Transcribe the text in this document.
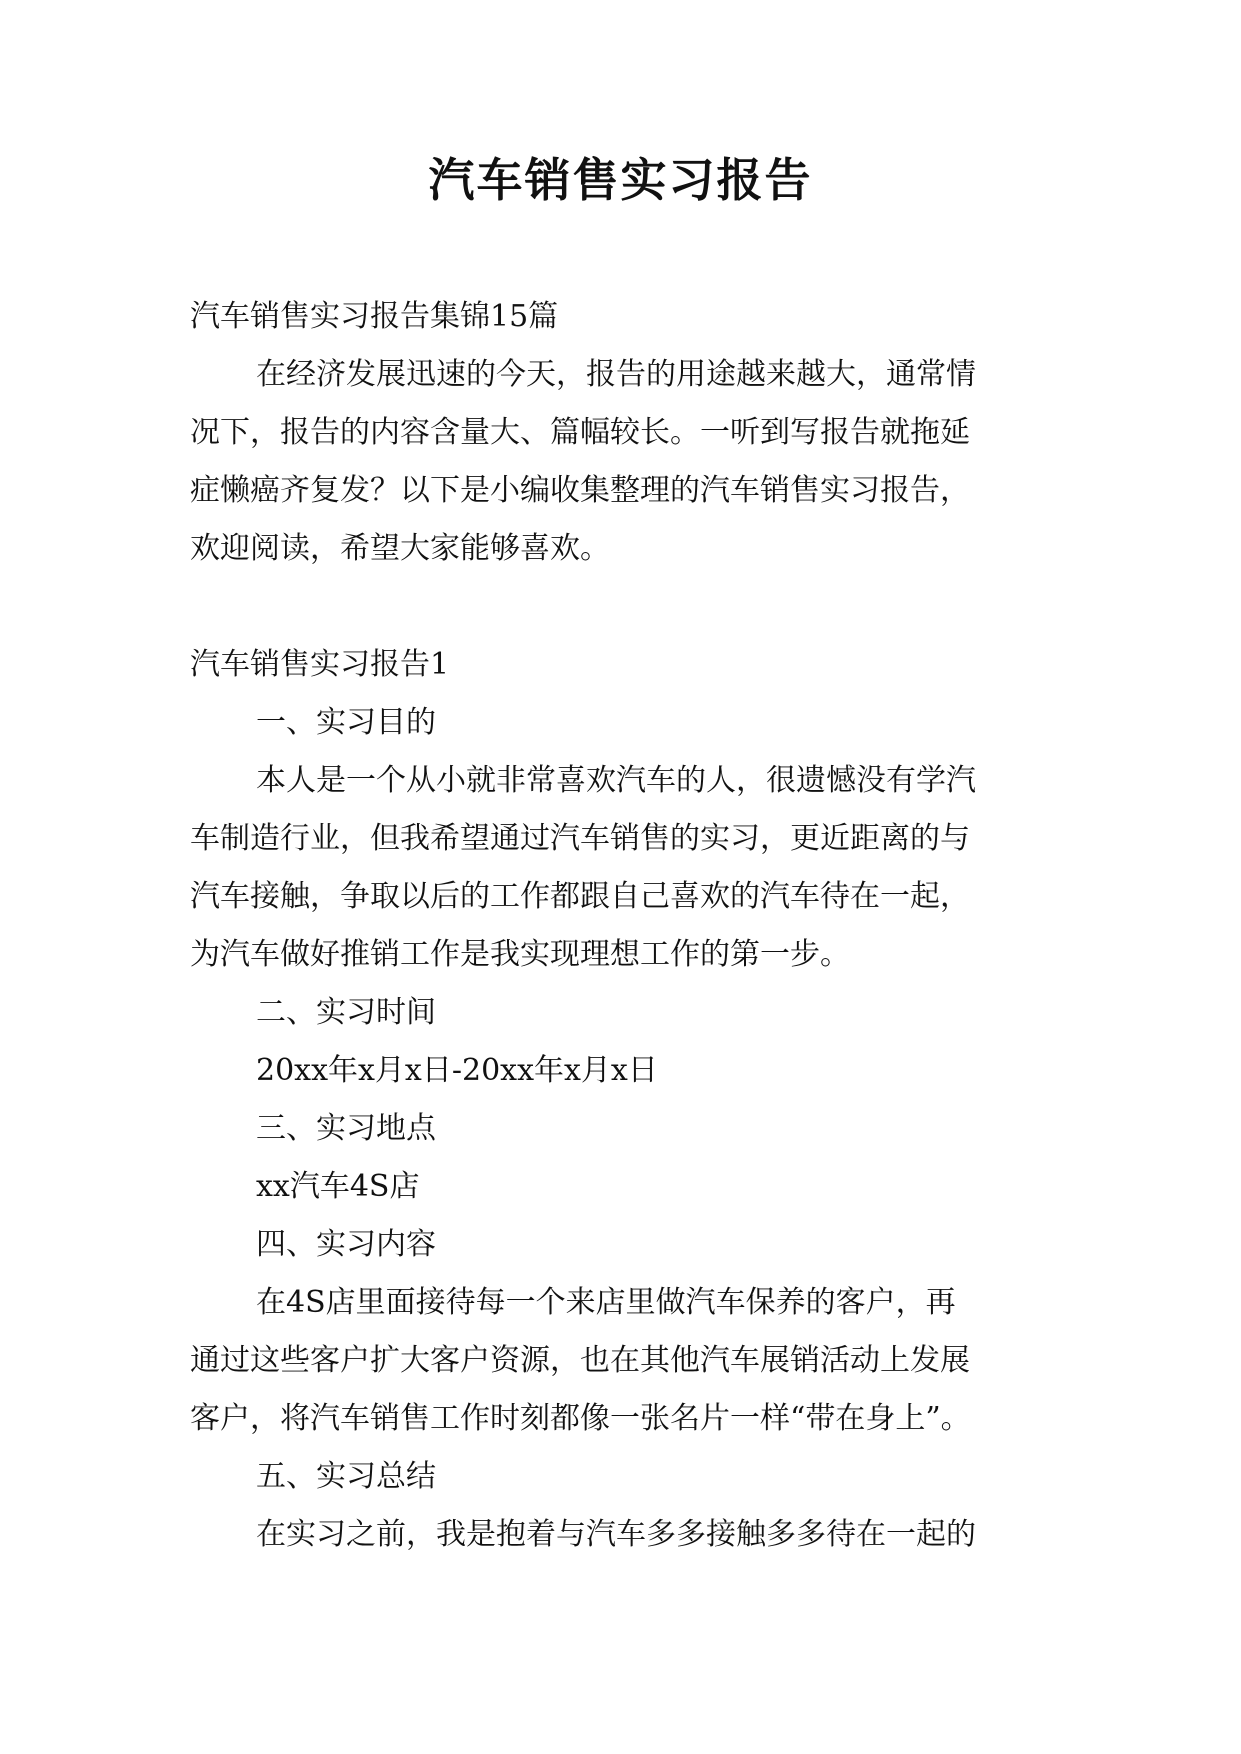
汽车销售实习报告
汽车销售实习报告集锦15篇
在经济发展迅速的今天，报告的用途越来越大，通常情
况下，报告的内容含量大、篇幅较长。一听到写报告就拖延
症懒癌齐复发？以下是小编收集整理的汽车销售实习报告，
欢迎阅读，希望大家能够喜欢。
汽车销售实习报告1
一、实习目的
本人是一个从小就非常喜欢汽车的人，很遗憾没有学汽
车制造行业，但我希望通过汽车销售的实习，更近距离的与
汽车接触，争取以后的工作都跟自己喜欢的汽车待在一起，
为汽车做好推销工作是我实现理想工作的第一步。
二、实习时间
20xx年x月x日-20xx年x月x日
三、实习地点
xx汽车4S店
四、实习内容
在4S店里面接待每一个来店里做汽车保养的客户，再
通过这些客户扩大客户资源，也在其他汽车展销活动上发展
客户，将汽车销售工作时刻都像一张名片一样“带在身上”。
五、实习总结
在实习之前，我是抱着与汽车多多接触多多待在一起的
